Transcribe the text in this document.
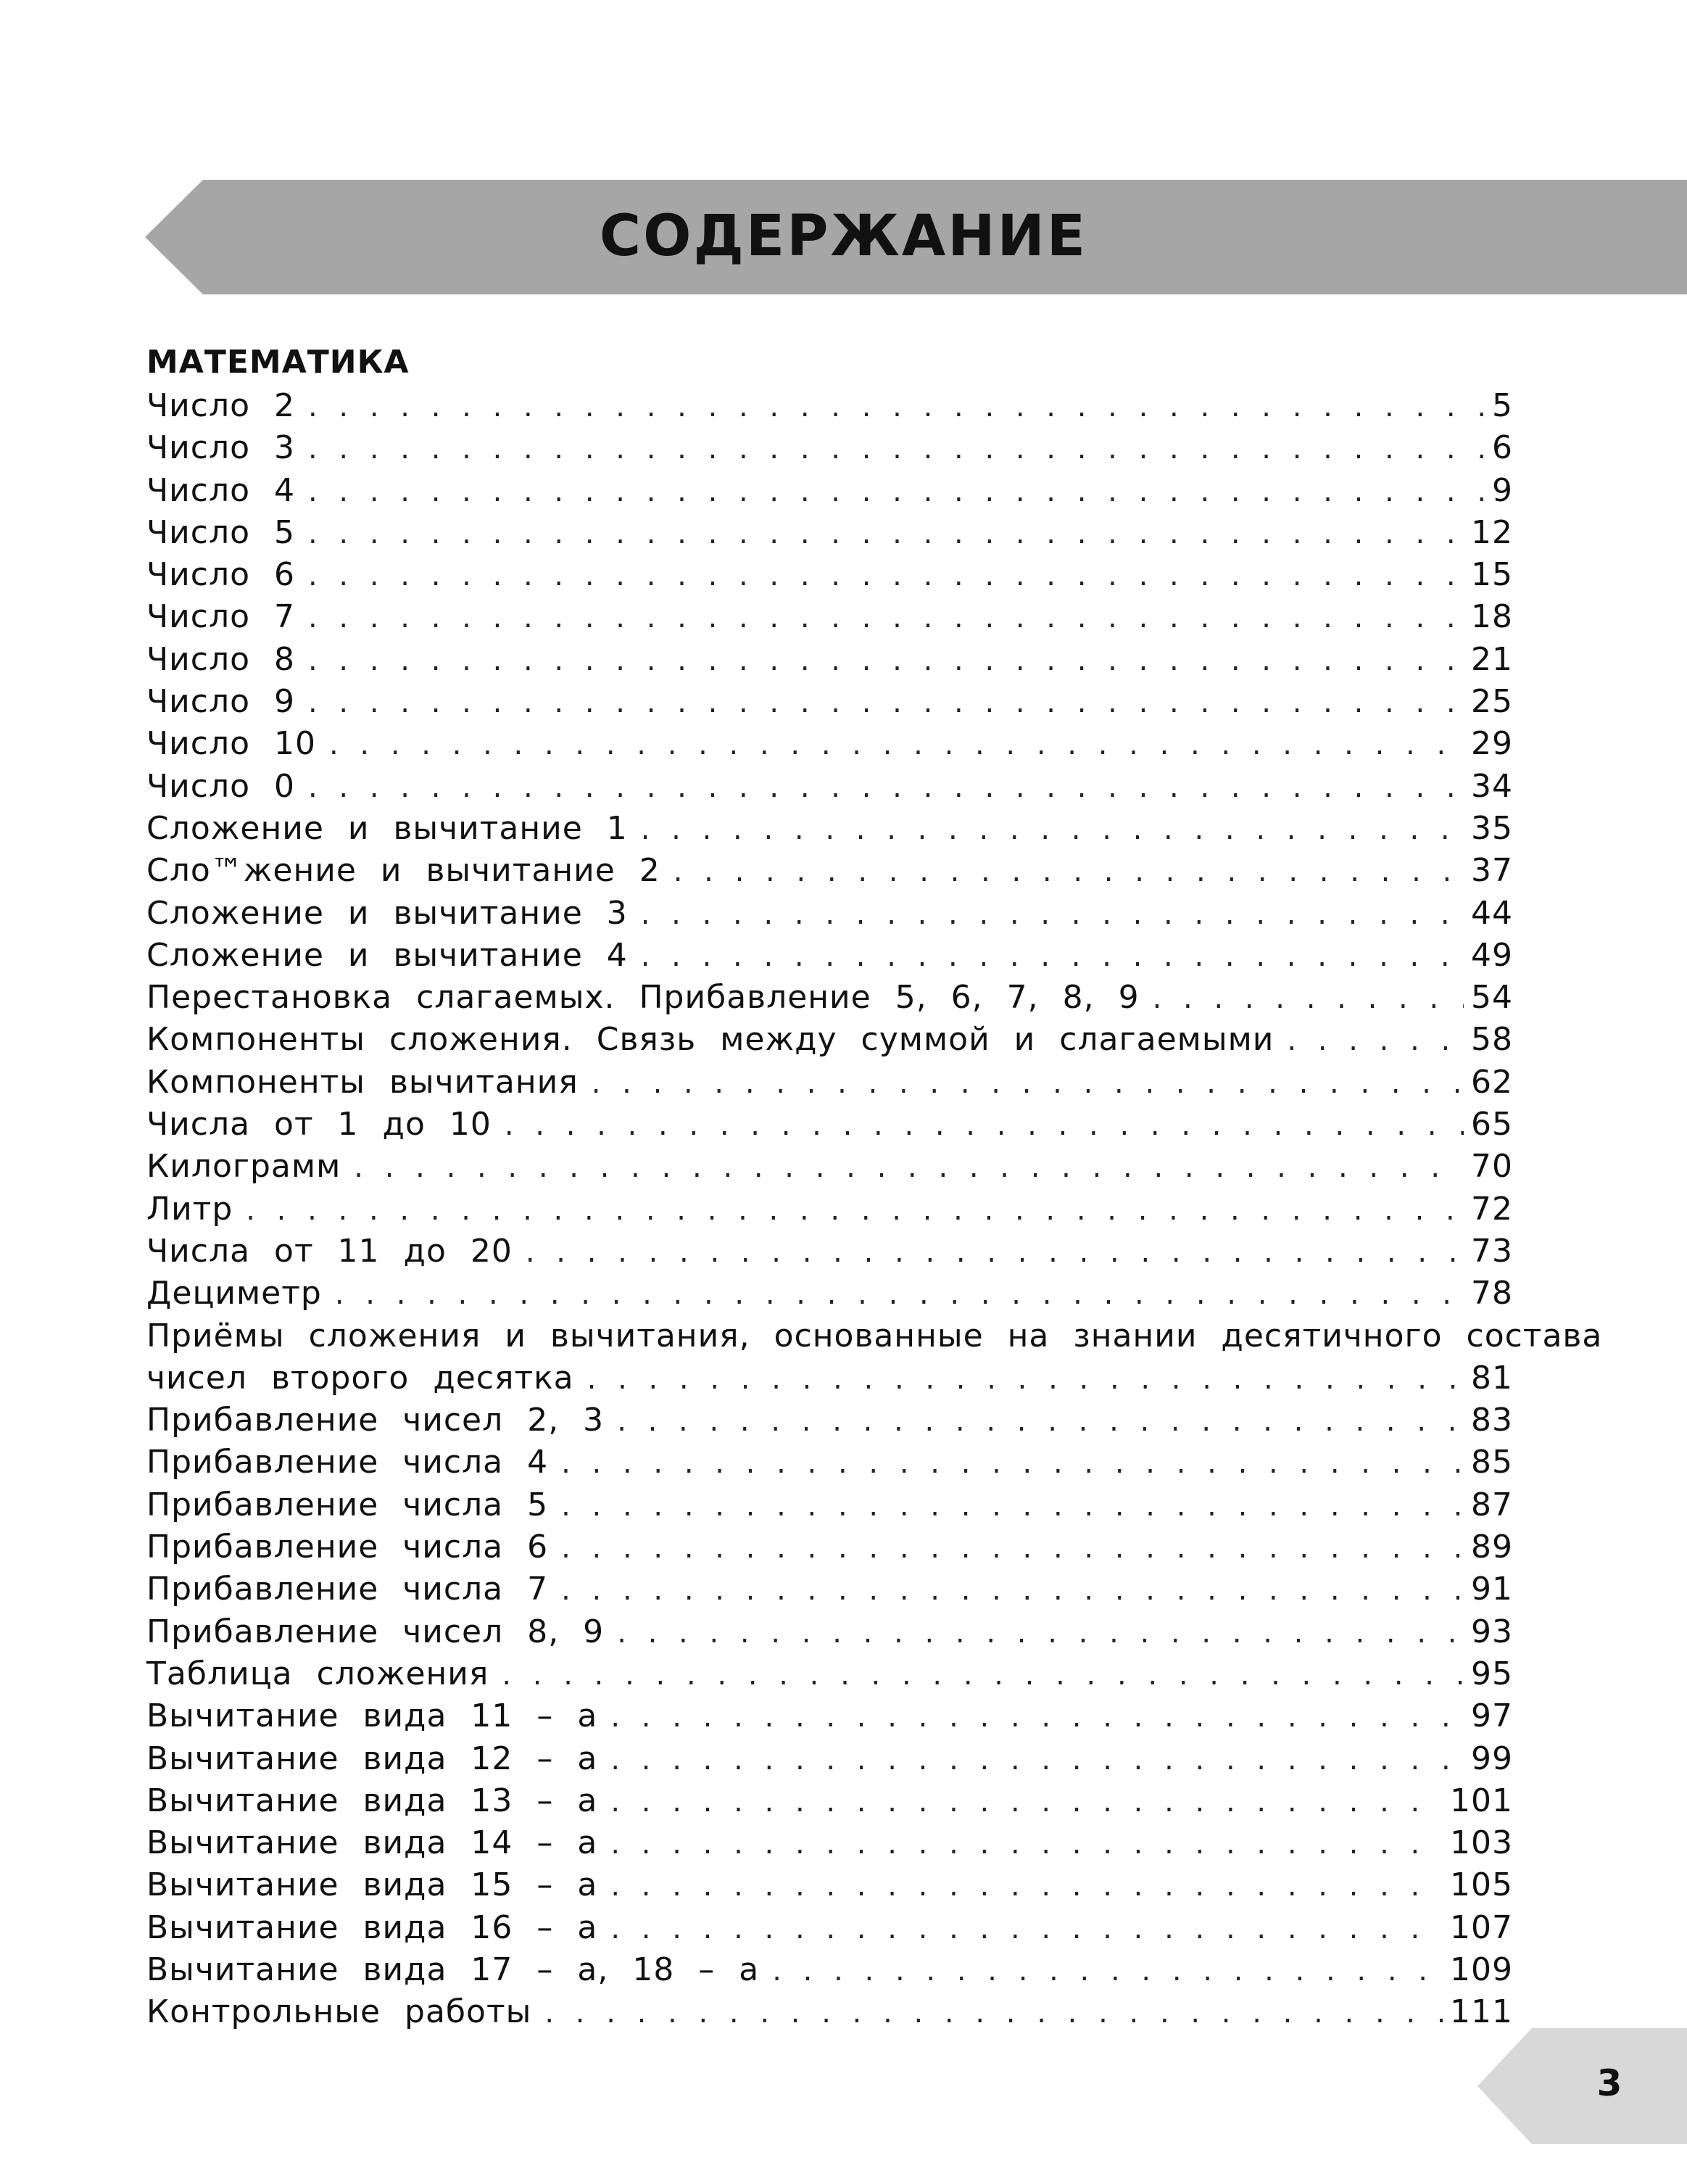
СОДЕРЖАНИЕ
МАТЕМАТИКА
Число 2 . . .	5
Число 3 . . .	6
Число 4 . . .	9
Число 5 . . .	12
Число 6 . . .	15
Число 7 . . .	18
Число 8 . . .	21
Число 9 . . .	25
Число 10 . . .	29
Число 0 . . .	34
Сложение и вычитание 1 . . .	35
Сло™жение и вычитание 2 . . .	37
Сложение и вычитание 3 . . .	44
Сложение и вычитание 4 . . .	49
Перестановка слагаемых. Прибавление 5, 6, 7, 8, 9 . . .	54
Компоненты сложения. Связь между суммой и слагаемыми . . .	58
Компоненты вычитания . . .	62
Числа от 1 до 10 . . .	65
Килограмм . . .	70
Литр . . .	72
Числа от 11 до 20 . . .	73
Дециметр . . .	78
Приёмы сложения и вычитания, основанные на знании десятичного состава
чисел второго десятка . . .	81
Прибавление чисел 2, 3 . . .	83
Прибавление числа 4 . . .	85
Прибавление числа 5 . . .	87
Прибавление числа 6 . . .	89
Прибавление числа 7 . . .	91
Прибавление чисел 8, 9 . . .	93
Таблица сложения . . .	95
Вычитание вида 11 – а . . .	97
Вычитание вида 12 – а . . .	99
Вычитание вида 13 – а . . .	101
Вычитание вида 14 – а . . .	103
Вычитание вида 15 – а . . .	105
Вычитание вида 16 – а . . .	107
Вычитание вида 17 – а, 18 – а . . .	109
Контрольные работы . . .	111
3
